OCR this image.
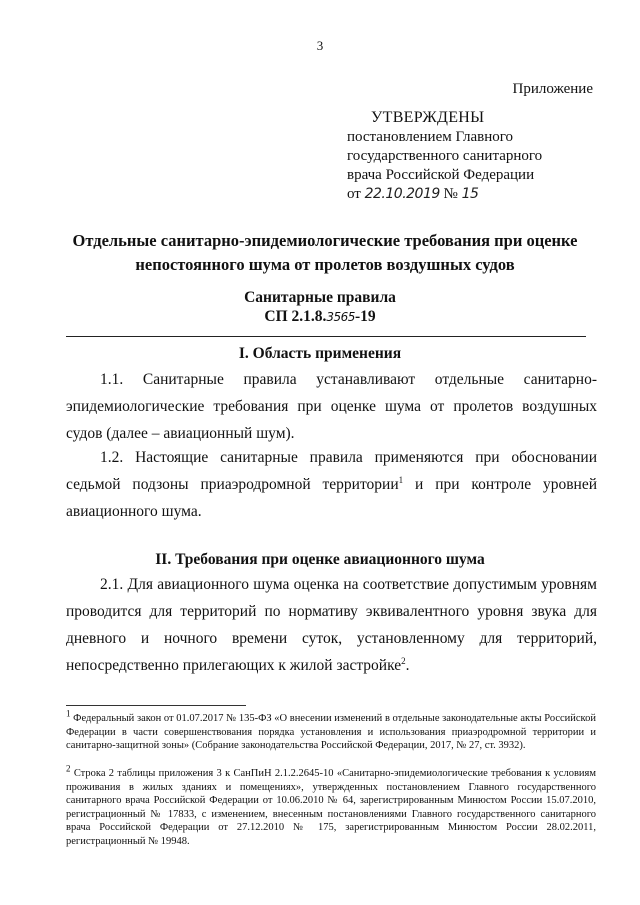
3
Приложение
УТВЕРЖДЕНЫ
постановлением Главного
государственного санитарного
врача Российской Федерации
от 22.10.2019 № 15
Отдельные санитарно-эпидемиологические требования при оценке непостоянного шума от пролетов воздушных судов
Санитарные правила
СП 2.1.8.3565-19
I. Область применения
1.1. Санитарные правила устанавливают отдельные санитарно-эпидемиологические требования при оценке шума от пролетов воздушных судов (далее – авиационный шум).
1.2. Настоящие санитарные правила применяются при обосновании седьмой подзоны приаэродромной территории$^1$ и при контроле уровней авиационного шума.
II. Требования при оценке авиационного шума
2.1. Для авиационного шума оценка на соответствие допустимым уровням проводится для территорий по нормативу эквивалентного уровня звука для дневного и ночного времени суток, установленному для территорий, непосредственно прилегающих к жилой застройке$^2$.
$^1$ Федеральный закон от 01.07.2017 № 135-ФЗ «О внесении изменений в отдельные законодательные акты Российской Федерации в части совершенствования порядка установления и использования приаэродромной территории и санитарно-защитной зоны» (Собрание законодательства Российской Федерации, 2017, № 27, ст. 3932).
$^2$ Строка 2 таблицы приложения 3 к СанПиН 2.1.2.2645-10 «Санитарно-эпидемиологические требования к условиям проживания в жилых зданиях и помещениях», утвержденных постановлением Главного государственного санитарного врача Российской Федерации от 10.06.2010 № 64, зарегистрированным Минюстом России 15.07.2010, регистрационный № 17833, с изменением, внесенным постановлениями Главного государственного санитарного врача Российской Федерации от 27.12.2010 № 175, зарегистрированным Минюстом России 28.02.2011, регистрационный № 19948.
